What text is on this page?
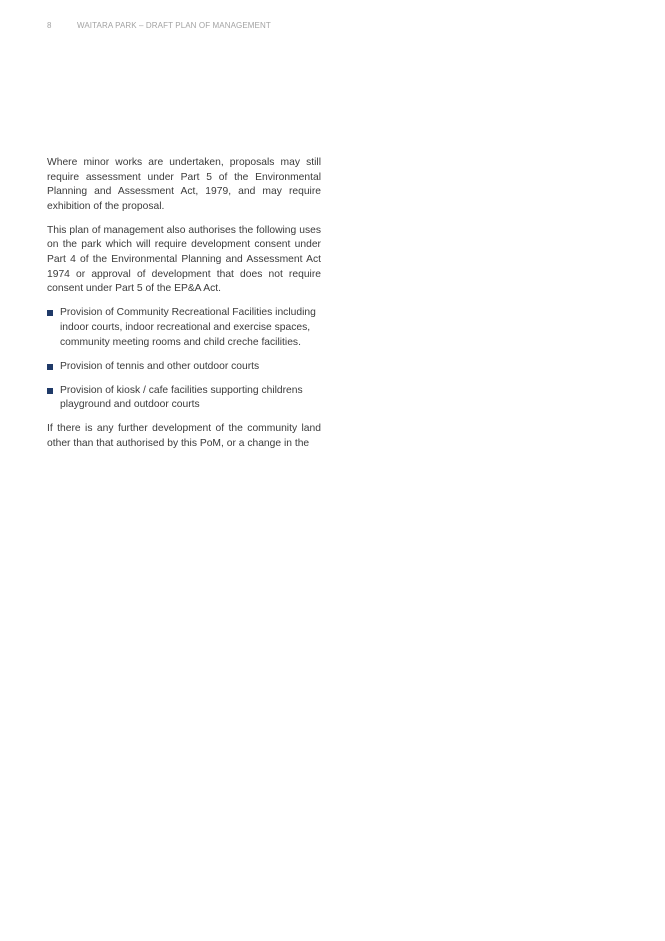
8	WAITARA PARK – DRAFT PLAN OF MANAGEMENT

Where minor works are undertaken, proposals may still require assessment under Part 5 of the Environmental Planning and Assessment Act, 1979, and may require exhibition of the proposal.

This plan of management also authorises the following uses on the park which will require development consent under Part 4 of the Environmental Planning and Assessment Act 1974 or approval of development that does not require consent under Part 5 of the EP&A Act.

Provision of Community Recreational Facilities including indoor courts, indoor recreational and exercise spaces, community meeting rooms and child creche facilities.
Provision of tennis and other outdoor courts
Provision of kiosk / cafe facilities supporting childrens playground and outdoor courts

If there is any further development of the community land other than that authorised by this PoM, or a change in the
